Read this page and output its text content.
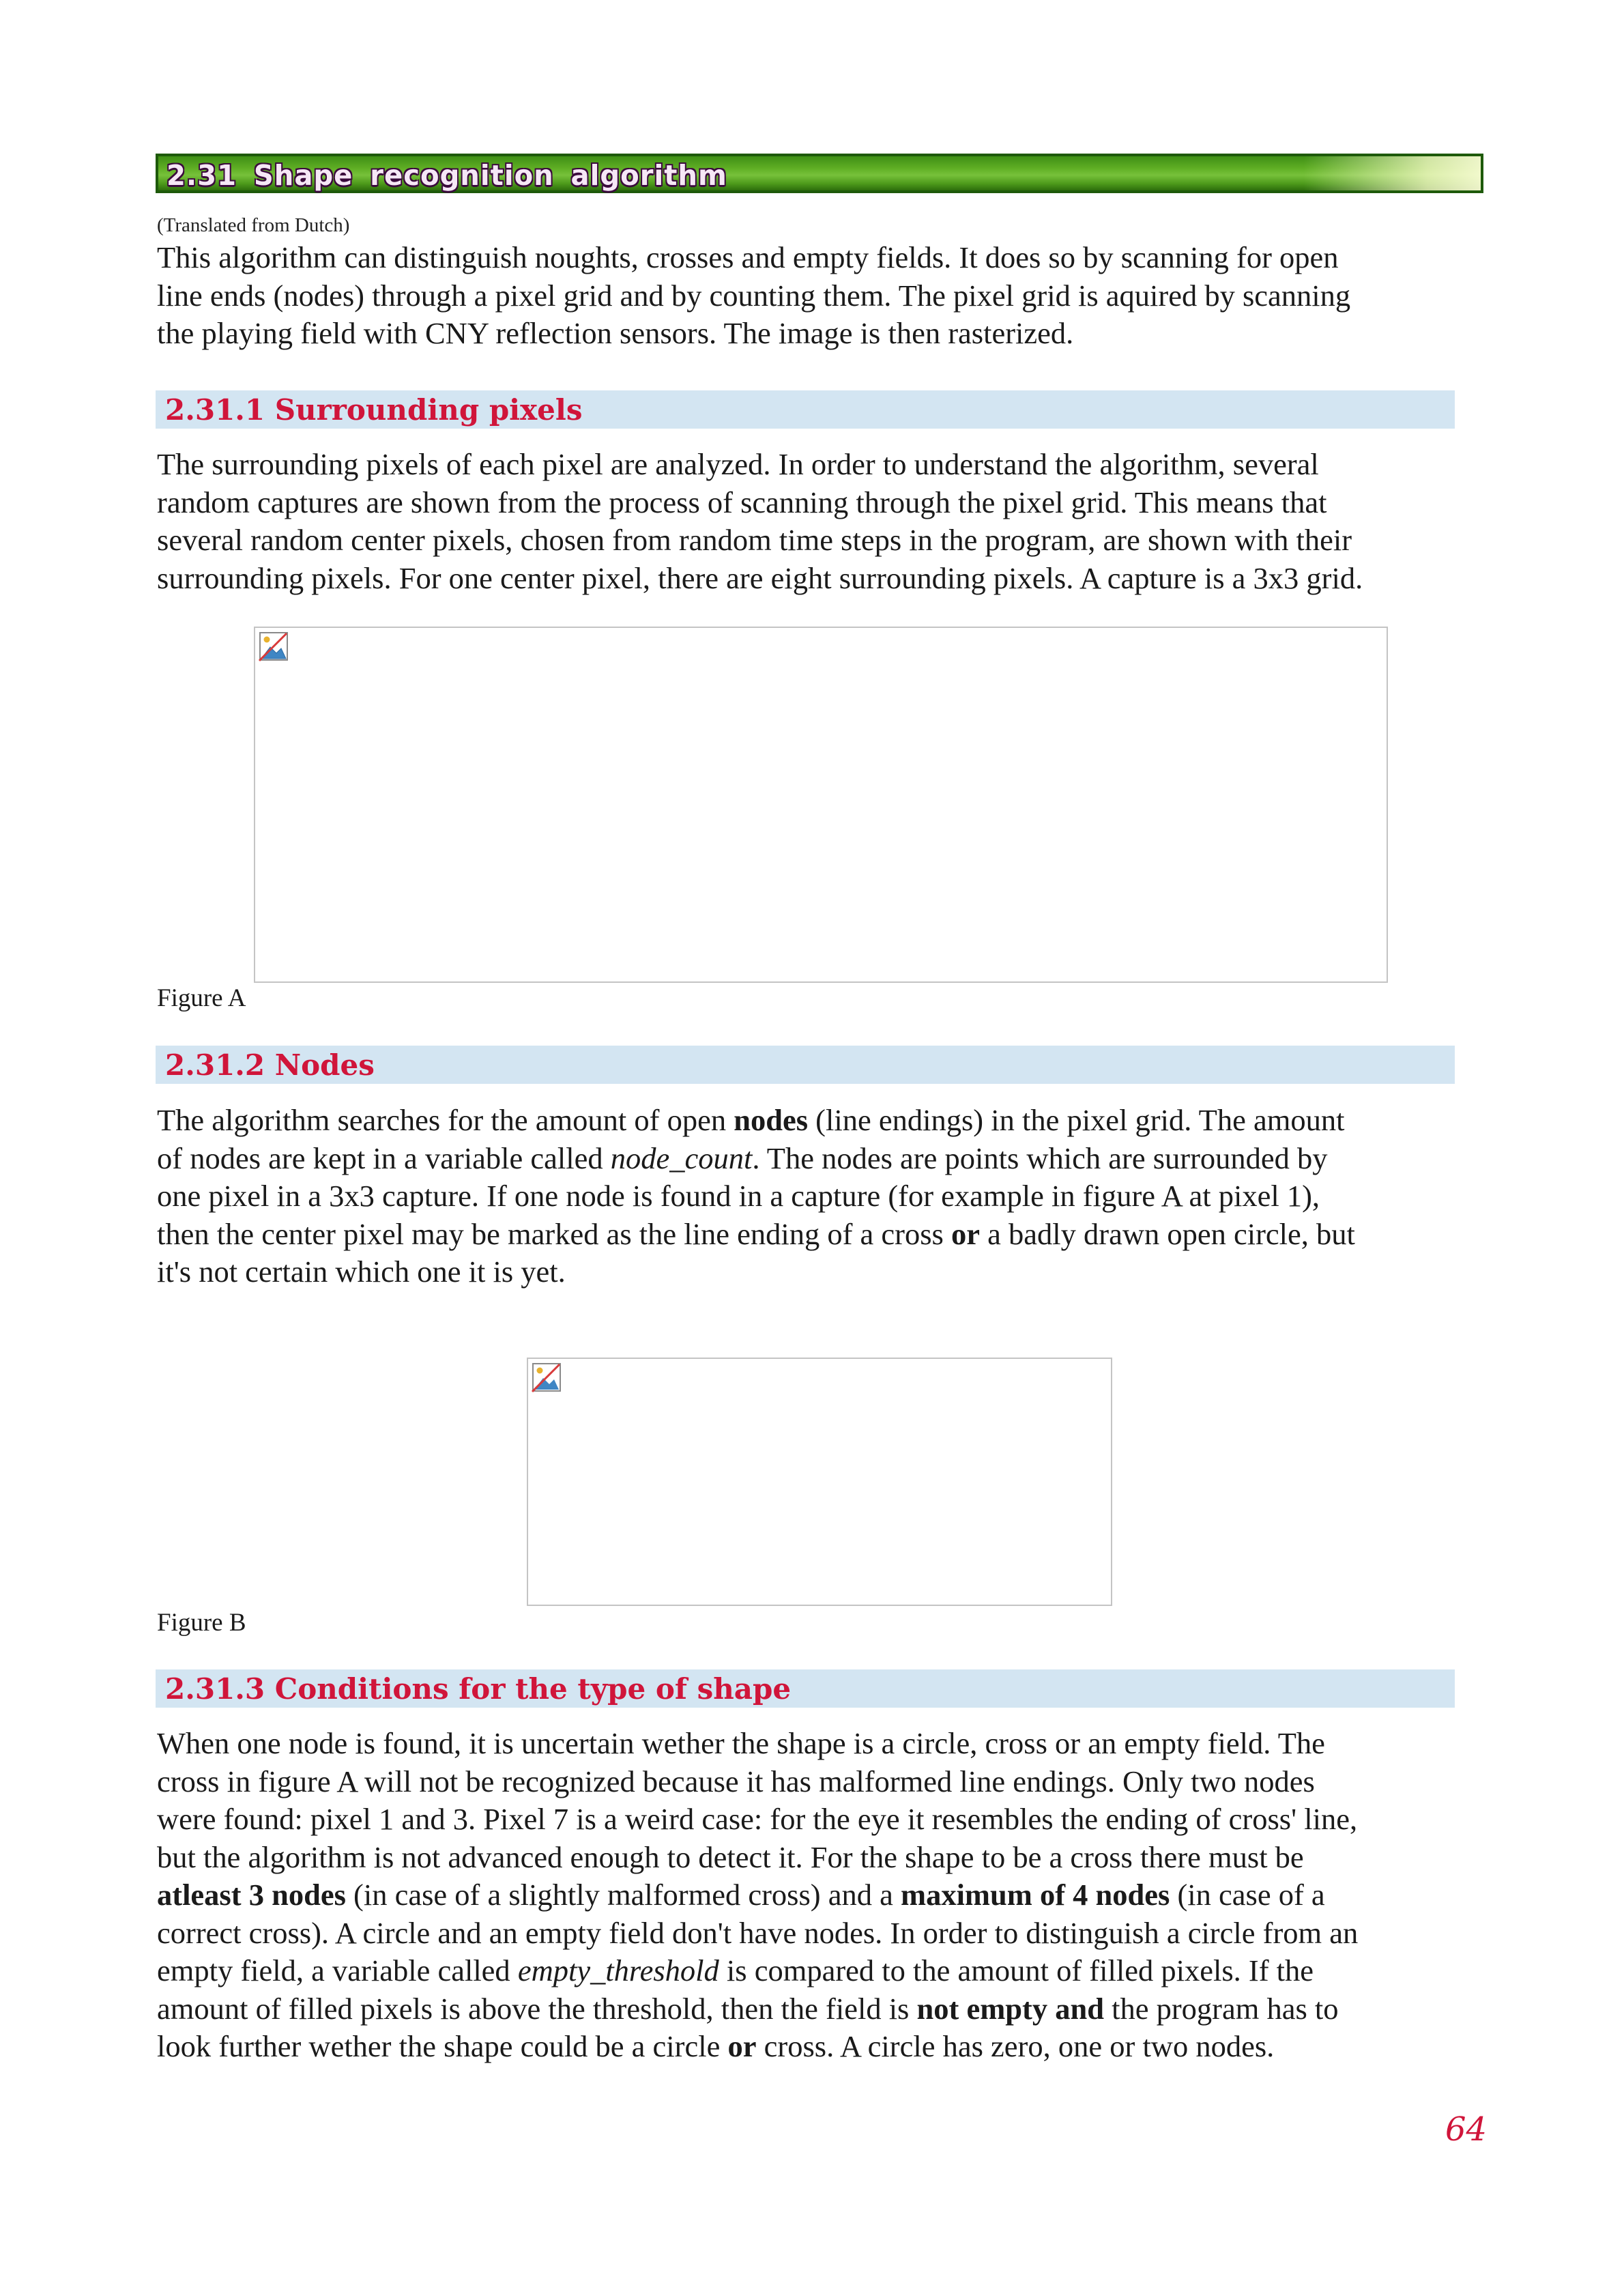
2.31 Shape recognition algorithm
(Translated from Dutch)
This algorithm can distinguish noughts, crosses and empty fields. It does so by scanning for open
line ends (nodes) through a pixel grid and by counting them. The pixel grid is aquired by scanning
the playing field with CNY reflection sensors. The image is then rasterized.
2.31.1 Surrounding pixels
The surrounding pixels of each pixel are analyzed. In order to understand the algorithm, several
random captures are shown from the process of scanning through the pixel grid. This means that
several random center pixels, chosen from random time steps in the program, are shown with their
surrounding pixels. For one center pixel, there are eight surrounding pixels. A capture is a 3x3 grid.
Figure A
2.31.2 Nodes
The algorithm searches for the amount of open nodes (line endings) in the pixel grid. The amount
of nodes are kept in a variable called node_count. The nodes are points which are surrounded by
one pixel in a 3x3 capture. If one node is found in a capture (for example in figure A at pixel 1),
then the center pixel may be marked as the line ending of a cross or a badly drawn open circle, but
it's not certain which one it is yet.
Figure B
2.31.3 Conditions for the type of shape
When one node is found, it is uncertain wether the shape is a circle, cross or an empty field. The
cross in figure A will not be recognized because it has malformed line endings. Only two nodes
were found: pixel 1 and 3. Pixel 7 is a weird case: for the eye it resembles the ending of cross' line,
but the algorithm is not advanced enough to detect it. For the shape to be a cross there must be
atleast 3 nodes (in case of a slightly malformed cross) and a maximum of 4 nodes (in case of a
correct cross). A circle and an empty field don't have nodes. In order to distinguish a circle from an
empty field, a variable called empty_threshold is compared to the amount of filled pixels. If the
amount of filled pixels is above the threshold, then the field is not empty and the program has to
look further wether the shape could be a circle or cross. A circle has zero, one or two nodes.
64
